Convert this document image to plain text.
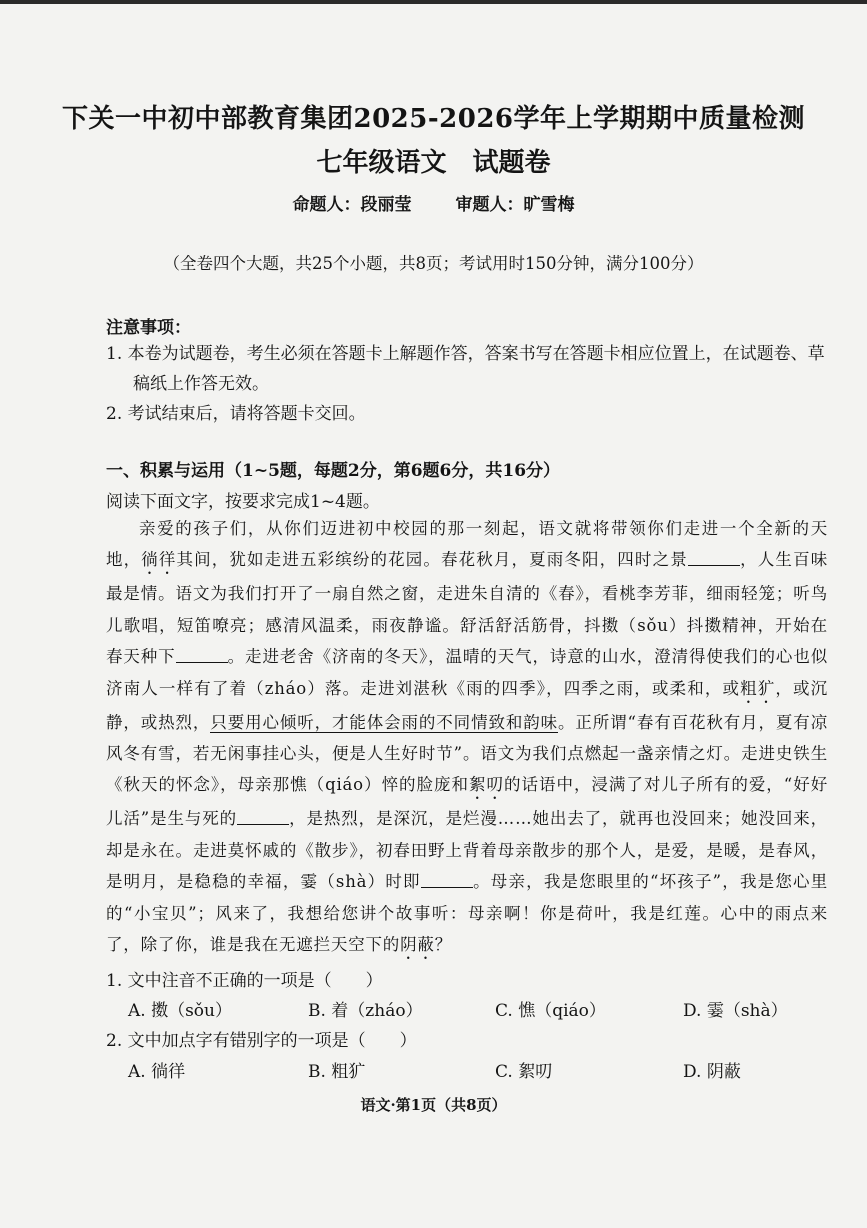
下关一中初中部教育集团2025-2026学年上学期期中质量检测
七年级语文 试题卷
命题人：段丽莹	审题人：旷雪梅
（全卷四个大题，共25个小题，共8页；考试用时150分钟，满分100分）
注意事项：
1. 本卷为试题卷，考生必须在答题卡上解题作答，答案书写在答题卡相应位置上，在试题卷、草稿纸上作答无效。
2. 考试结束后，请将答题卡交回。
一、积累与运用（1~5题，每题2分，第6题6分，共16分）
阅读下面文字，按要求完成1~4题。
亲爱的孩子们，从你们迈进初中校园的那一刻起，语文就将带领你们走进一个全新的天地，徜徉其间，犹如走进五彩缤纷的花园。春花秋月，夏雨冬阳，四时之景	，人生百味最是情。语文为我们打开了一扇自然之窗，走进朱自清的《春》，看桃李芳菲，细雨轻笼；听鸟儿歌唱，短笛嘹亮；感清风温柔，雨夜静谧。舒活舒活筋骨，抖擞（sǒu）抖擞精神，开始在春天种下	。走进老舍《济南的冬天》，温晴的天气，诗意的山水，澄清得使我们的心也似济南人一样有了着（zháo）落。走进刘湛秋《雨的四季》，四季之雨，或柔和，或粗犷，或沉静，或热烈，只要用心倾听，才能体会雨的不同情致和韵味。正所谓“春有百花秋有月，夏有凉风冬有雪，若无闲事挂心头，便是人生好时节”。语文为我们点燃起一盏亲情之灯。走进史铁生《秋天的怀念》，母亲那憔（qiáo）悴的脸庞和絮叨的话语中，浸满了对儿子所有的爱，“好好儿活”是生与死的	，是热烈，是深沉，是烂漫……她出去了，就再也没回来；她没回来，却是永在。走进莫怀戚的《散步》，初春田野上背着母亲散步的那个人，是爱，是暖，是春风，是明月，是稳稳的幸福，霎（shà）时即	。母亲，我是您眼里的“坏孩子”，我是您心里的“小宝贝”；风来了，我想给您讲个故事听：母亲啊！你是荷叶，我是红莲。心中的雨点来了，除了你，谁是我在无遮拦天空下的阴蔽？
1. 文中注音不正确的一项是（　　）
A. 擞（sǒu）	B. 着（zháo）	C. 憔（qiáo）	D. 霎（shà）
2. 文中加点字有错别字的一项是（　　）
A. 徜徉	B. 粗犷	C. 絮叨	D. 阴蔽
语文·第1页（共8页）
